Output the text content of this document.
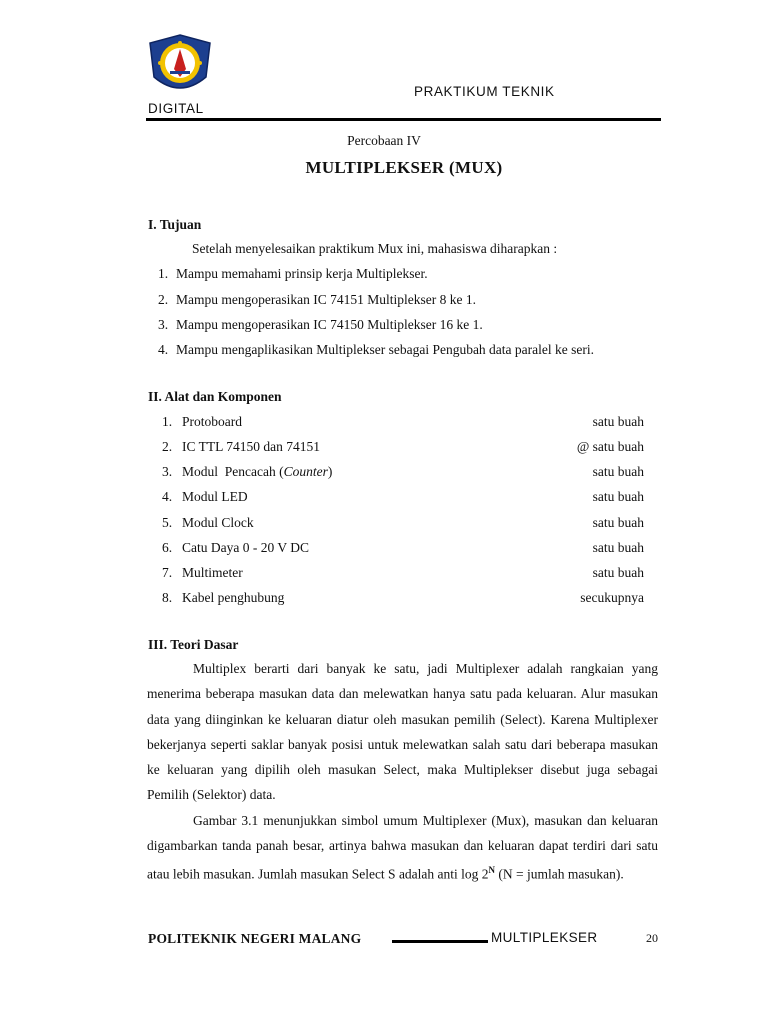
PRAKTIKUM TEKNIK
DIGITAL
Percobaan IV
MULTIPLEKSER (MUX)
I. Tujuan
Setelah menyelesaikan praktikum Mux ini, mahasiswa diharapkan :
1. Mampu memahami prinsip kerja Multiplekser.
2. Mampu mengoperasikan IC 74151 Multiplekser 8 ke 1.
3. Mampu mengoperasikan IC 74150 Multiplekser 16 ke 1.
4. Mampu mengaplikasikan Multiplekser sebagai Pengubah data paralel ke seri.
II. Alat dan Komponen
1. Protoboard	satu buah
2. IC TTL 74150 dan 74151	@ satu buah
3. Modul  Pencacah (Counter)	satu buah
4. Modul LED	satu buah
5. Modul Clock	satu buah
6. Catu Daya 0 - 20 V DC	satu buah
7. Multimeter	satu buah
8. Kabel penghubung	secukupnya
III. Teori Dasar

Multiplex berarti dari banyak ke satu, jadi Multiplexer adalah rangkaian yang menerima beberapa masukan data dan melewatkan hanya satu pada keluaran. Alur masukan data yang diinginkan ke keluaran diatur oleh masukan pemilih (Select). Karena Multiplexer bekerjanya seperti saklar banyak posisi untuk melewatkan salah satu dari beberapa masukan ke keluaran yang dipilih oleh masukan Select, maka Multiplekser disebut juga sebagai Pemilih (Selektor) data.

Gambar 3.1 menunjukkan simbol umum Multiplexer (Mux), masukan dan keluaran digambarkan tanda panah besar, artinya bahwa masukan dan keluaran dapat terdiri dari satu atau lebih masukan. Jumlah masukan Select S adalah anti $\log 2^N$ (N = jumlah masukan).

POLITEKNIK NEGERI MALANG	MULTIPLEKSER	20
